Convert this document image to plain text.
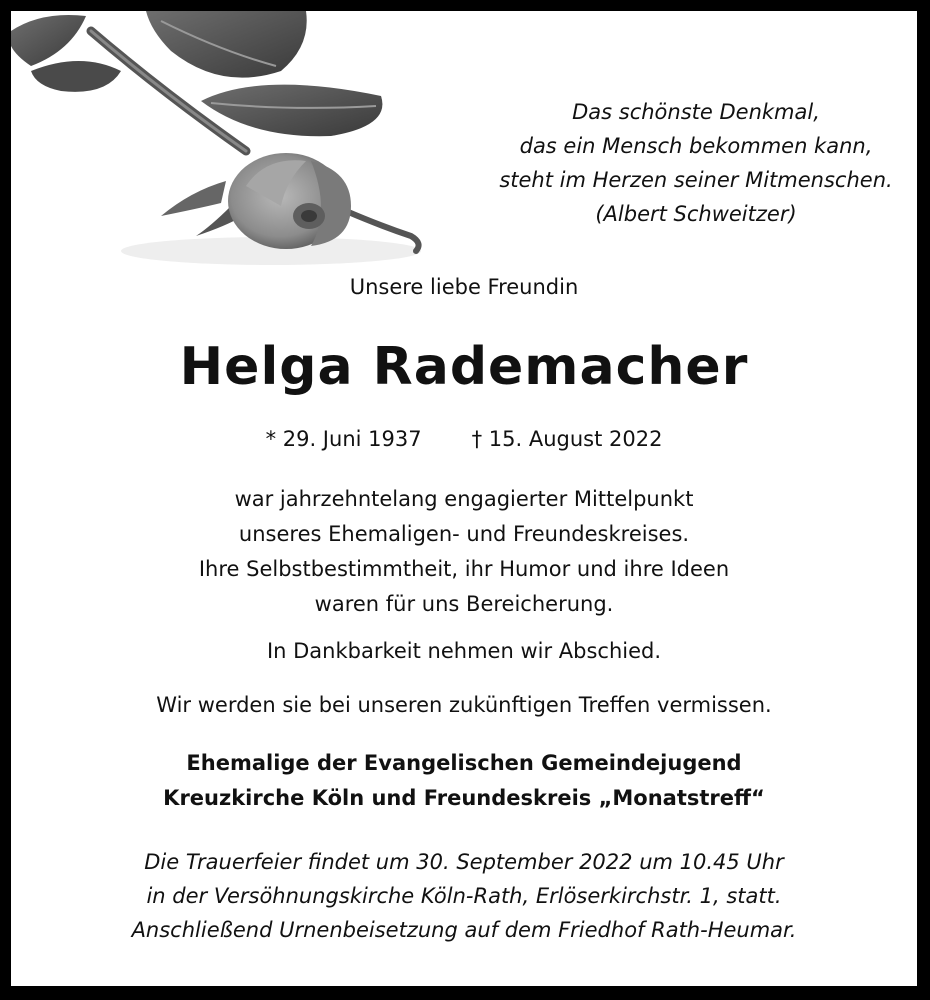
Das schönste Denkmal,
das ein Mensch bekommen kann,
steht im Herzen seiner Mitmenschen.
(Albert Schweitzer)
Unsere liebe Freundin
Helga Rademacher
* 29. Juni 1937 † 15. August 2022
war jahrzehntelang engagierter Mittelpunkt
unseres Ehemaligen- und Freundeskreises.
Ihre Selbstbestimmtheit, ihr Humor und ihre Ideen
waren für uns Bereicherung.
In Dankbarkeit nehmen wir Abschied.
Wir werden sie bei unseren zukünftigen Treffen vermissen.
Ehemalige der Evangelischen Gemeindejugend
Kreuzkirche Köln und Freundeskreis „Monatstreff“
Die Trauerfeier findet um 30. September 2022 um 10.45 Uhr
in der Versöhnungskirche Köln-Rath, Erlöserkirchstr. 1, statt.
Anschließend Urnenbeisetzung auf dem Friedhof Rath-Heumar.
